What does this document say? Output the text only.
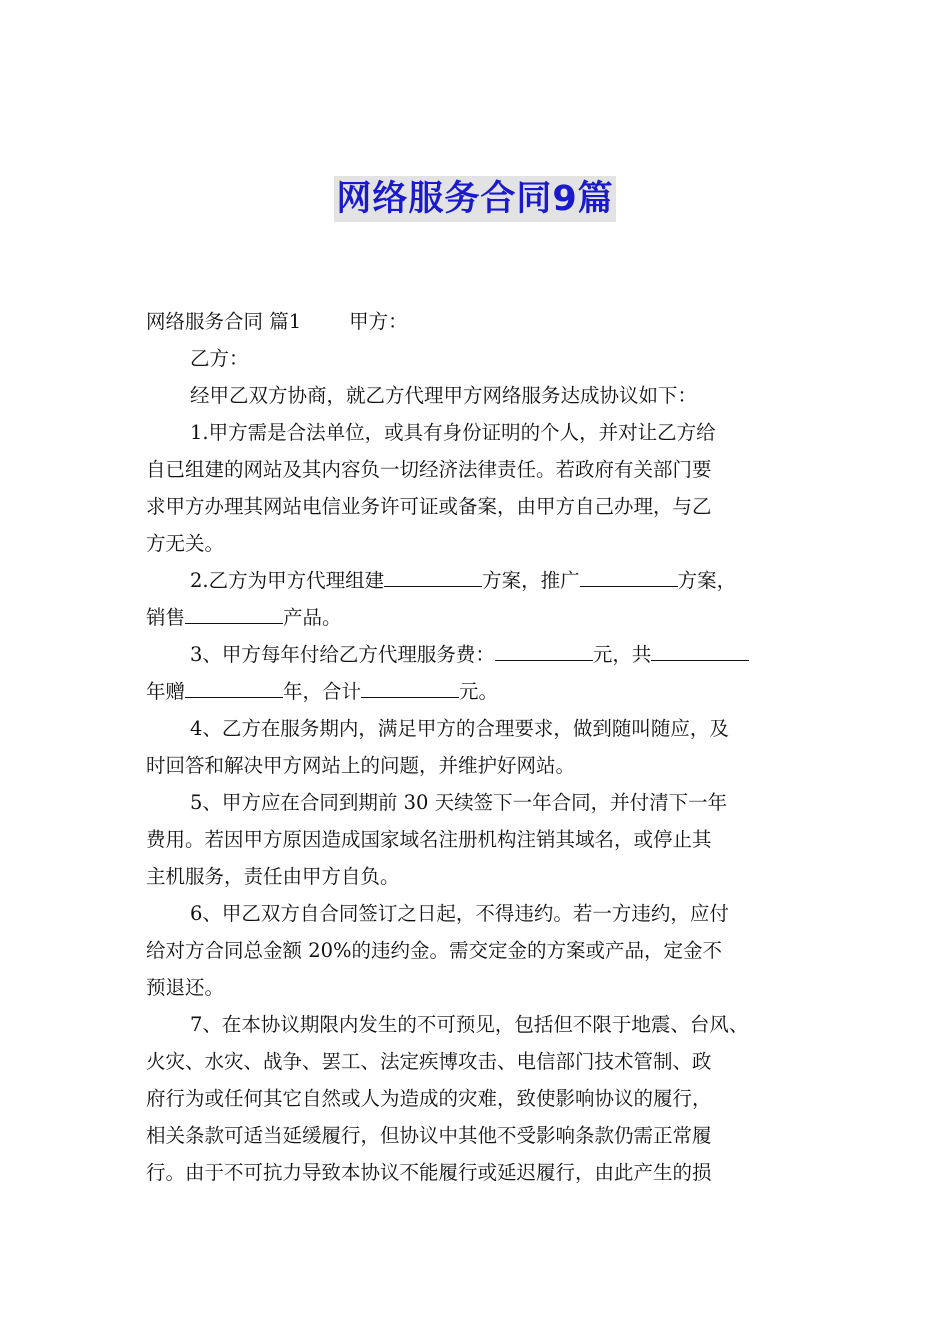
网络服务合同9篇
网络服务合同 篇1 甲方：
乙方：
经甲乙双方协商，就乙方代理甲方网络服务达成协议如下：
1.甲方需是合法单位，或具有身份证明的个人，并对让乙方给
自已组建的网站及其内容负一切经济法律责任。若政府有关部门要
求甲方办理其网站电信业务许可证或备案，由甲方自己办理，与乙
方无关。
2.乙方为甲方代理组建	方案，推广	方案，
销售	产品。
3、甲方每年付给乙方代理服务费：	元，共
年赠	年，合计	元。
4、乙方在服务期内，满足甲方的合理要求，做到随叫随应，及
时回答和解决甲方网站上的问题，并维护好网站。
5、甲方应在合同到期前 30 天续签下一年合同，并付清下一年
费用。若因甲方原因造成国家域名注册机构注销其域名，或停止其
主机服务，责任由甲方自负。
6、甲乙双方自合同签订之日起，不得违约。若一方违约，应付
给对方合同总金额 20%的违约金。需交定金的方案或产品，定金不
预退还。
7、在本协议期限内发生的不可预见，包括但不限于地震、台风、
火灾、水灾、战争、罢工、法定疾博攻击、电信部门技术管制、政
府行为或任何其它自然或人为造成的灾难，致使影响协议的履行，
相关条款可适当延缓履行，但协议中其他不受影响条款仍需正常履
行。由于不可抗力导致本协议不能履行或延迟履行，由此产生的损
